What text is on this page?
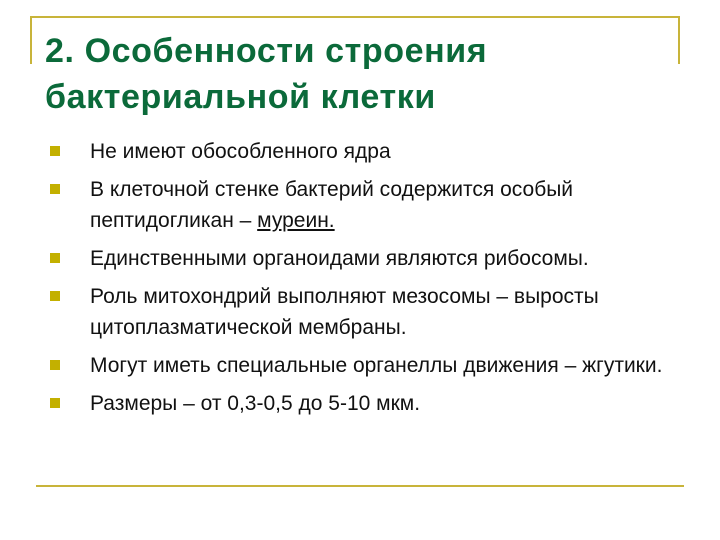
2. Особенности строения
бактериальной клетки
Не имеют обособленного ядра
В клеточной стенке бактерий содержится особый пептидогликан – муреин.
Единственными органоидами являются рибосомы.
Роль митохондрий выполняют мезосомы – выросты цитоплазматической мембраны.
Могут иметь специальные органеллы движения – жгутики.
Размеры – от 0,3-0,5 до 5-10 мкм.
